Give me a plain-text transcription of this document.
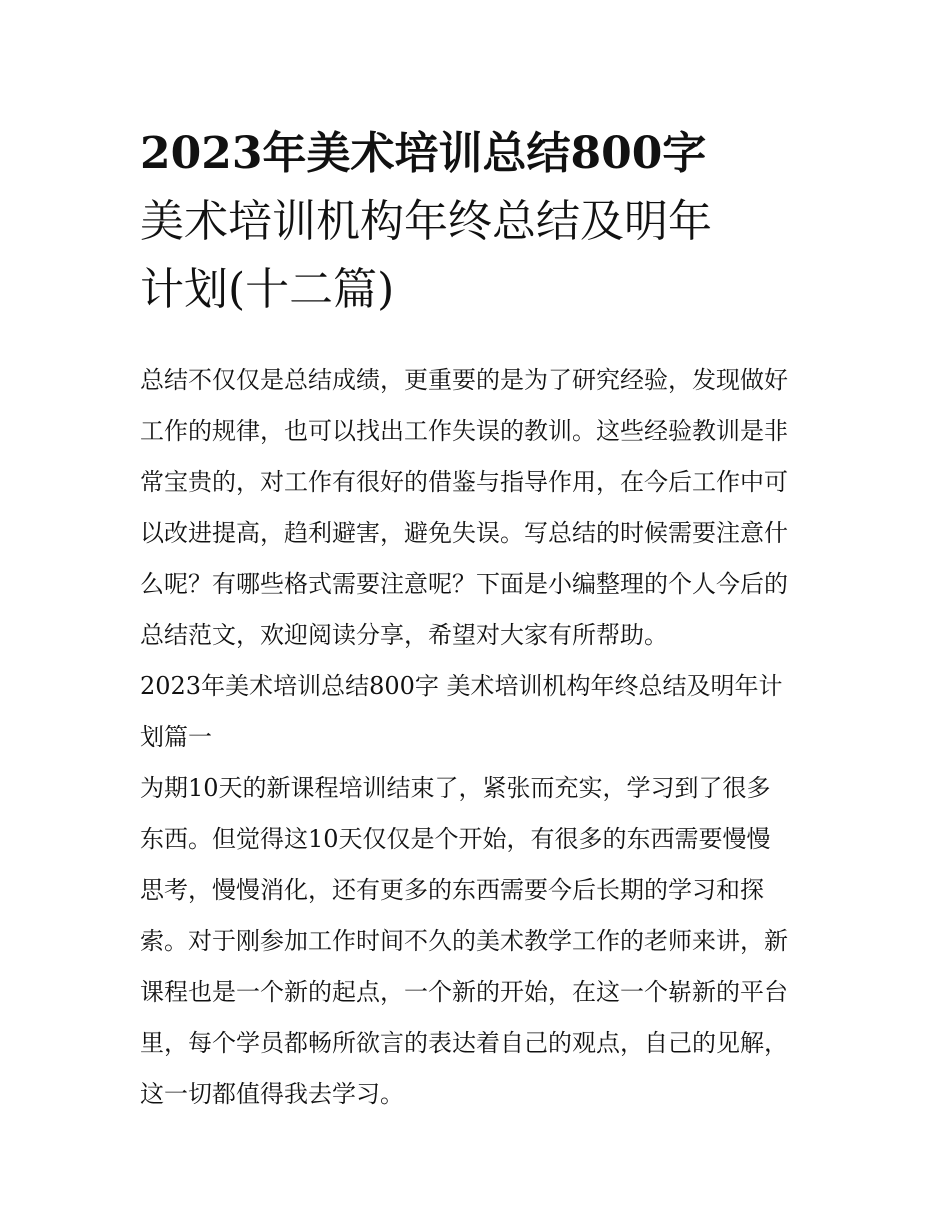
2023年美术培训总结800字
美术培训机构年终总结及明年
计划(十二篇)
总结不仅仅是总结成绩，更重要的是为了研究经验，发现做好
工作的规律，也可以找出工作失误的教训。这些经验教训是非
常宝贵的，对工作有很好的借鉴与指导作用，在今后工作中可
以改进提高，趋利避害，避免失误。写总结的时候需要注意什
么呢？有哪些格式需要注意呢？下面是小编整理的个人今后的
总结范文，欢迎阅读分享，希望对大家有所帮助。
2023年美术培训总结800字 美术培训机构年终总结及明年计
划篇一
为期10天的新课程培训结束了，紧张而充实，学习到了很多
东西。但觉得这10天仅仅是个开始，有很多的东西需要慢慢
思考，慢慢消化，还有更多的东西需要今后长期的学习和探
索。对于刚参加工作时间不久的美术教学工作的老师来讲，新
课程也是一个新的起点，一个新的开始，在这一个崭新的平台
里，每个学员都畅所欲言的表达着自己的观点，自己的见解，
这一切都值得我去学习。
